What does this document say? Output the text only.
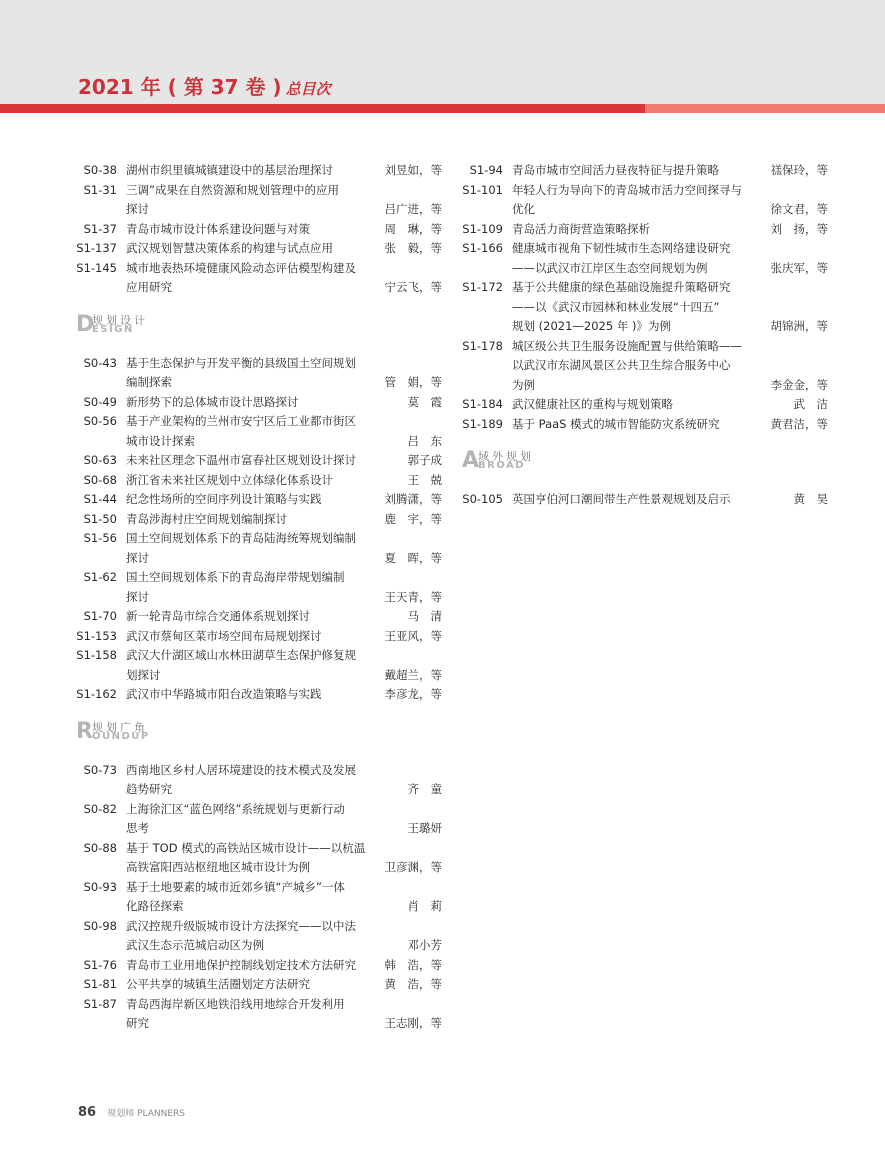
2021 年 ( 第 37 卷 ) 总目次
S0-38 湖州市织里镇城镇建设中的基层治理探讨	刘昱如，等
S1-31 三调”成果在自然资源和规划管理中的应用
探讨	吕广进，等
S1-37 青岛市城市设计体系建设问题与对策	周　琳，等
S1-137 武汉规划智慧决策体系的构建与试点应用	张　毅，等
S1-145 城市地表热环境健康风险动态评估模型构建及
应用研究	宁云飞，等
D
规划设计
ESIGN
S0-43 基于生态保护与开发平衡的县级国土空间规划
编制探索	管　娟，等
S0-49 新形势下的总体城市设计思路探讨	莫　霞
S0-56 基于产业架构的兰州市安宁区后工业都市街区
城市设计探索	吕　东
S0-63 未来社区理念下温州市富春社区规划设计探讨	郭子成
S0-68 浙江省未来社区规划中立体绿化体系设计	王　兢
S1-44 纪念性场所的空间序列设计策略与实践	刘腾潇，等
S1-50 青岛涉海村庄空间规划编制探讨	鹿　宇，等
S1-56 国土空间规划体系下的青岛陆海统筹规划编制
探讨	夏　晖，等
S1-62 国土空间规划体系下的青岛海岸带规划编制
探讨	王天青，等
S1-70 新一轮青岛市综合交通体系规划探讨	马　清
S1-153 武汉市蔡甸区菜市场空间布局规划探讨	王亚风，等
S1-158 武汉大什湖区域山水林田湖草生态保护修复规
划探讨	戴超兰，等
S1-162 武汉市中华路城市阳台改造策略与实践	李彦龙，等
R 规划广角
OUNDUP
S0-73 西南地区乡村人居环境建设的技术模式及发展
趋势研究	齐　童
S0-82 上海徐汇区“蓝色网络”系统规划与更新行动
思考	王璐妍
S0-88 基于 TOD 模式的高铁站区城市设计——以杭温
高铁富阳西站枢纽地区城市设计为例	卫彦渊，等
S0-93 基于土地要素的城市近郊乡镇“产城乡”一体
化路径探索	肖　莉
S0-98 武汉控规升级版城市设计方法探究——以中法
武汉生态示范城启动区为例	邓小芳
S1-76 青岛市工业用地保护控制线划定技术方法研究	韩　浩，等
S1-81 公平共享的城镇生活圈划定方法研究	黄　浩，等
S1-87 青岛西海岸新区地铁沿线用地综合开发利用
研究	王志刚，等
S1-94 青岛市城市空间活力昼夜特征与提升策略	禚保玲，等
S1-101 年轻人行为导向下的青岛城市活力空间探寻与
优化	徐文君，等
S1-109 青岛活力商街营造策略探析	刘　扬，等
S1-166 健康城市视角下韧性城市生态网络建设研究
——以武汉市江岸区生态空间规划为例	张庆军，等
S1-172 基于公共健康的绿色基础设施提升策略研究
——以《武汉市园林和林业发展“十四五”
规划 (2021—2025 年 )》为例	胡锦洲，等
S1-178 城区级公共卫生服务设施配置与供给策略——
以武汉市东湖风景区公共卫生综合服务中心
为例	李金金，等
S1-184 武汉健康社区的重构与规划策略	武　洁
S1-189 基于 PaaS 模式的城市智能防灾系统研究	黄君洁，等
A
域外规划
BROAD
S0-105 英国亨伯河口潮间带生产性景观规划及启示	黄　昊
86 规划师 PLANNERS
